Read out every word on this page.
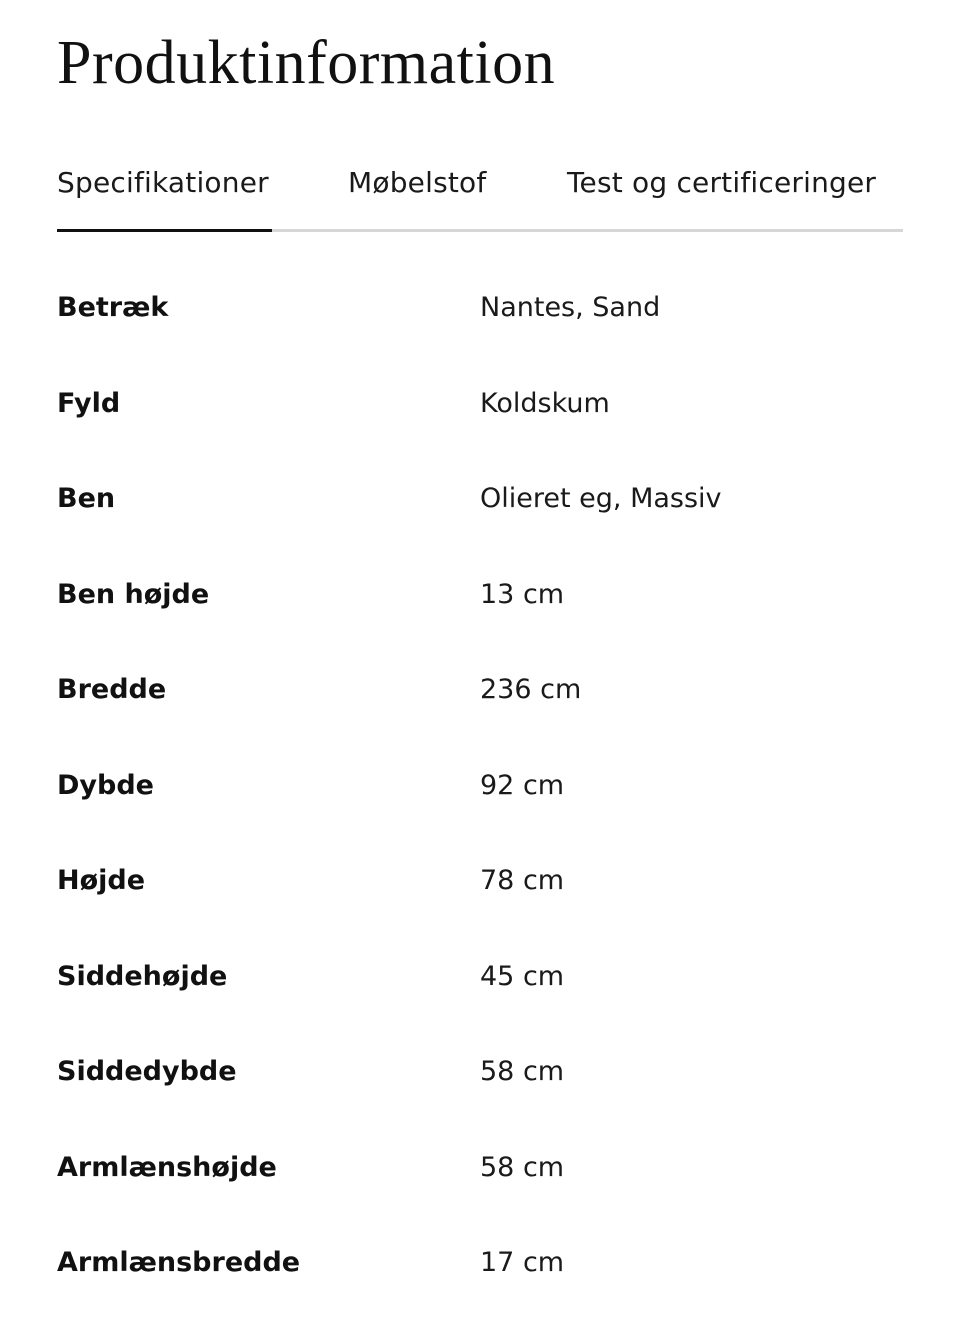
Produktinformation
Specifikationer	Møbelstof	Test og certificeringer
Betræk	Nantes, Sand
Fyld	Koldskum
Ben	Olieret eg, Massiv
Ben højde	13 cm
Bredde	236 cm
Dybde	92 cm
Højde	78 cm
Siddehøjde	45 cm
Siddedybde	58 cm
Armlænshøjde	58 cm
Armlænsbredde	17 cm
